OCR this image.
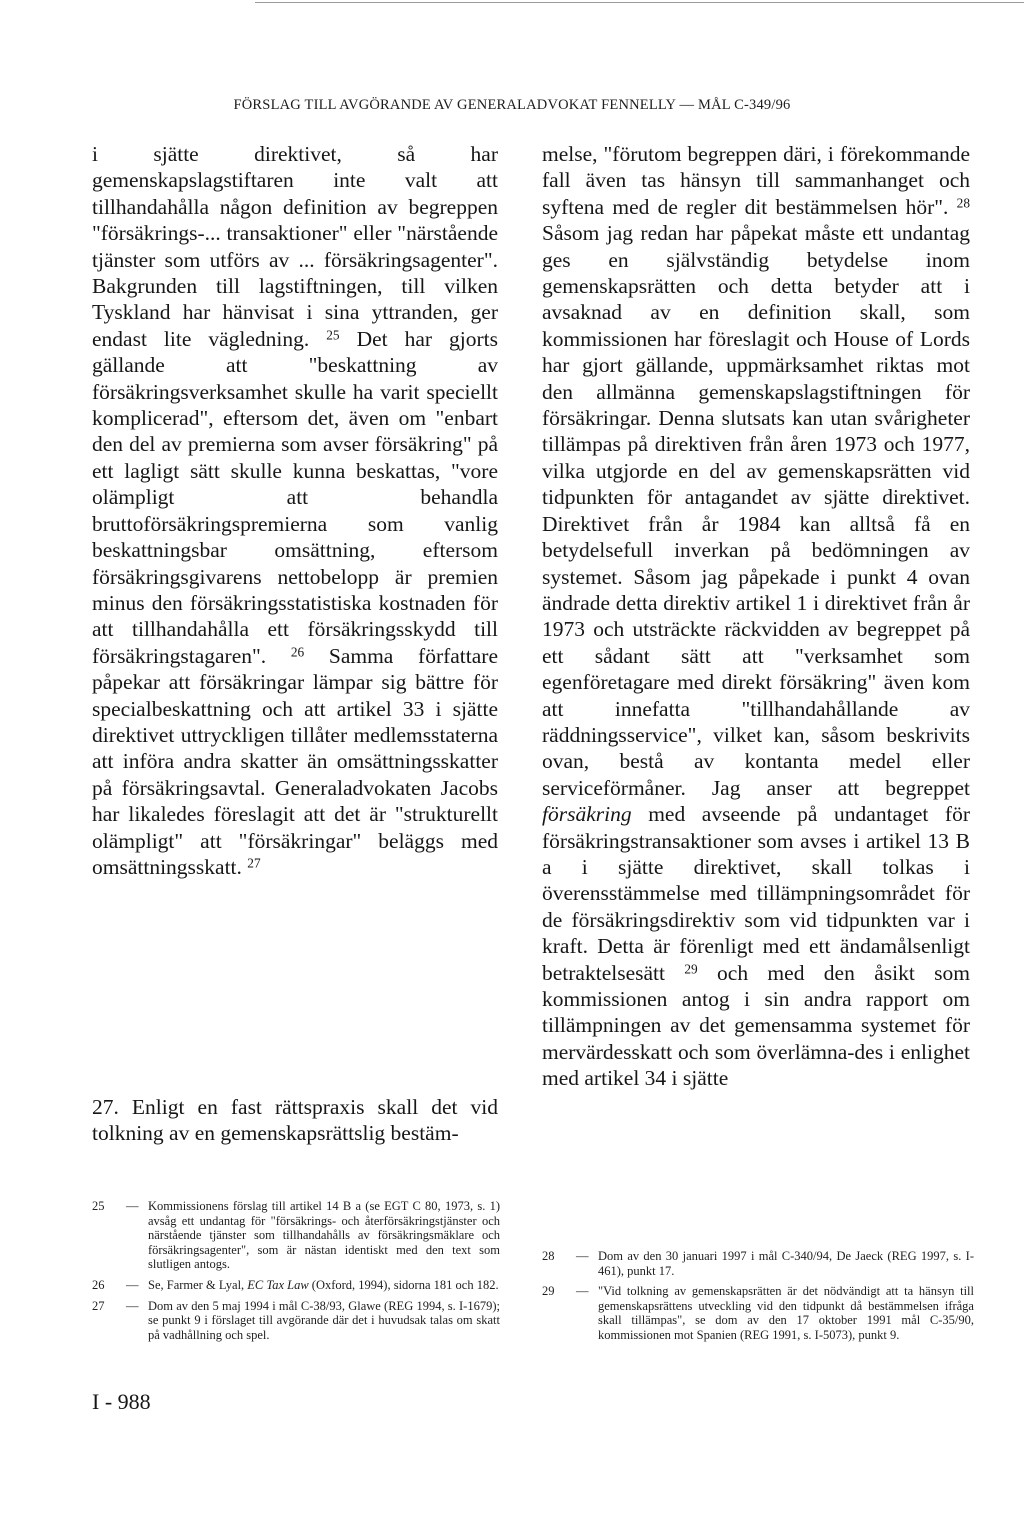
FÖRSLAG TILL AVGÖRANDE AV GENERALADVOKAT FENNELLY — MÅL C-349/96

i sjätte direktivet, så har gemenskapslagstiftaren inte valt att tillhandahålla någon definition av begreppen "försäkrings-... transaktioner" eller "närstående tjänster som utförs av ... försäkringsagenter". Bakgrunden till lagstiftningen, till vilken Tyskland har hänvisat i sina yttranden, ger endast lite vägledning. $^{25}$ Det har gjorts gällande att "beskattning av försäkringsverksamhet skulle ha varit speciellt komplicerad", eftersom det, även om "enbart den del av premierna som avser försäkring" på ett lagligt sätt skulle kunna beskattas, "vore olämpligt att behandla bruttoförsäkringspremierna som vanlig beskattningsbar omsättning, eftersom försäkringsgivarens nettobelopp är premien minus den försäkringsstatistiska kostnaden för att tillhandahålla ett försäkringsskydd till försäkringstagaren". $^{26}$ Samma författare påpekar att försäkringar lämpar sig bättre för specialbeskattning och att artikel 33 i sjätte direktivet uttryckligen tillåter medlemsstaterna att införa andra skatter än omsättningsskatter på försäkringsavtal. Generaladvokaten Jacobs har likaledes föreslagit att det är "strukturellt olämpligt" att "försäkringar" beläggs med omsättningsskatt. $^{27}$

27. Enligt en fast rättspraxis skall det vid tolkning av en gemenskapsrättslig bestäm-

melse, "förutom begreppen däri, i förekommande fall även tas hänsyn till sammanhanget och syftena med de regler dit bestämmelsen hör". $^{28}$ Såsom jag redan har påpekat måste ett undantag ges en självständig betydelse inom gemenskapsrätten och detta betyder att i avsaknad av en definition skall, som kommissionen har föreslagit och House of Lords har gjort gällande, uppmärksamhet riktas mot den allmänna gemenskapslagstiftningen för försäkringar. Denna slutsats kan utan svårigheter tillämpas på direktiven från åren 1973 och 1977, vilka utgjorde en del av gemenskapsrätten vid tidpunkten för antagandet av sjätte direktivet. Direktivet från år 1984 kan alltså få en betydelsefull inverkan på bedömningen av systemet. Såsom jag påpekade i punkt 4 ovan ändrade detta direktiv artikel 1 i direktivet från år 1973 och utsträckte räckvidden av begreppet på ett sådant sätt att "verksamhet som egenföretagare med direkt försäkring" även kom att innefatta "tillhandahållande av räddningsservice", vilket kan, såsom beskrivits ovan, bestå av kontanta medel eller serviceförmåner. Jag anser att begreppet försäkring med avseende på undantaget för försäkringstransaktioner som avses i artikel 13 B a i sjätte direktivet, skall tolkas i överensstämmelse med tillämpningsområdet för de försäkringsdirektiv som vid tidpunkten var i kraft. Detta är förenligt med ett ändamålsenligt betraktelsesätt $^{29}$ och med den åsikt som kommissionen antog i sin andra rapport om tillämpningen av det gemensamma systemet för mervärdesskatt och som överlämna-des i enlighet med artikel 34 i sjätte

25	— Kommissionens förslag till artikel 14 B a (se EGT C 80, 1973, s. 1) avsåg ett undantag för "försäkrings- och återförsäkringstjänster och närstående tjänster som tillhandahålls av försäkringsmäklare och försäkringsagenter", som är nästan identiskt med den text som slutligen antogs.
26	— Se, Farmer & Lyal, EC Tax Law (Oxford, 1994), sidorna 181 och 182.
27	— Dom av den 5 maj 1994 i mål C-38/93, Glawe (REG 1994, s. I-1679); se punkt 9 i förslaget till avgörande där det i huvudsak talas om skatt på vadhållning och spel.
28	— Dom av den 30 januari 1997 i mål C-340/94, De Jaeck (REG 1997, s. I-461), punkt 17.
29	— "Vid tolkning av gemenskapsrätten är det nödvändigt att ta hänsyn till gemenskapsrättens utveckling vid den tidpunkt då bestämmelsen ifråga skall tillämpas", se dom av den 17 oktober 1991 mål C-35/90, kommissionen mot Spanien (REG 1991, s. I-5073), punkt 9.
I - 988
